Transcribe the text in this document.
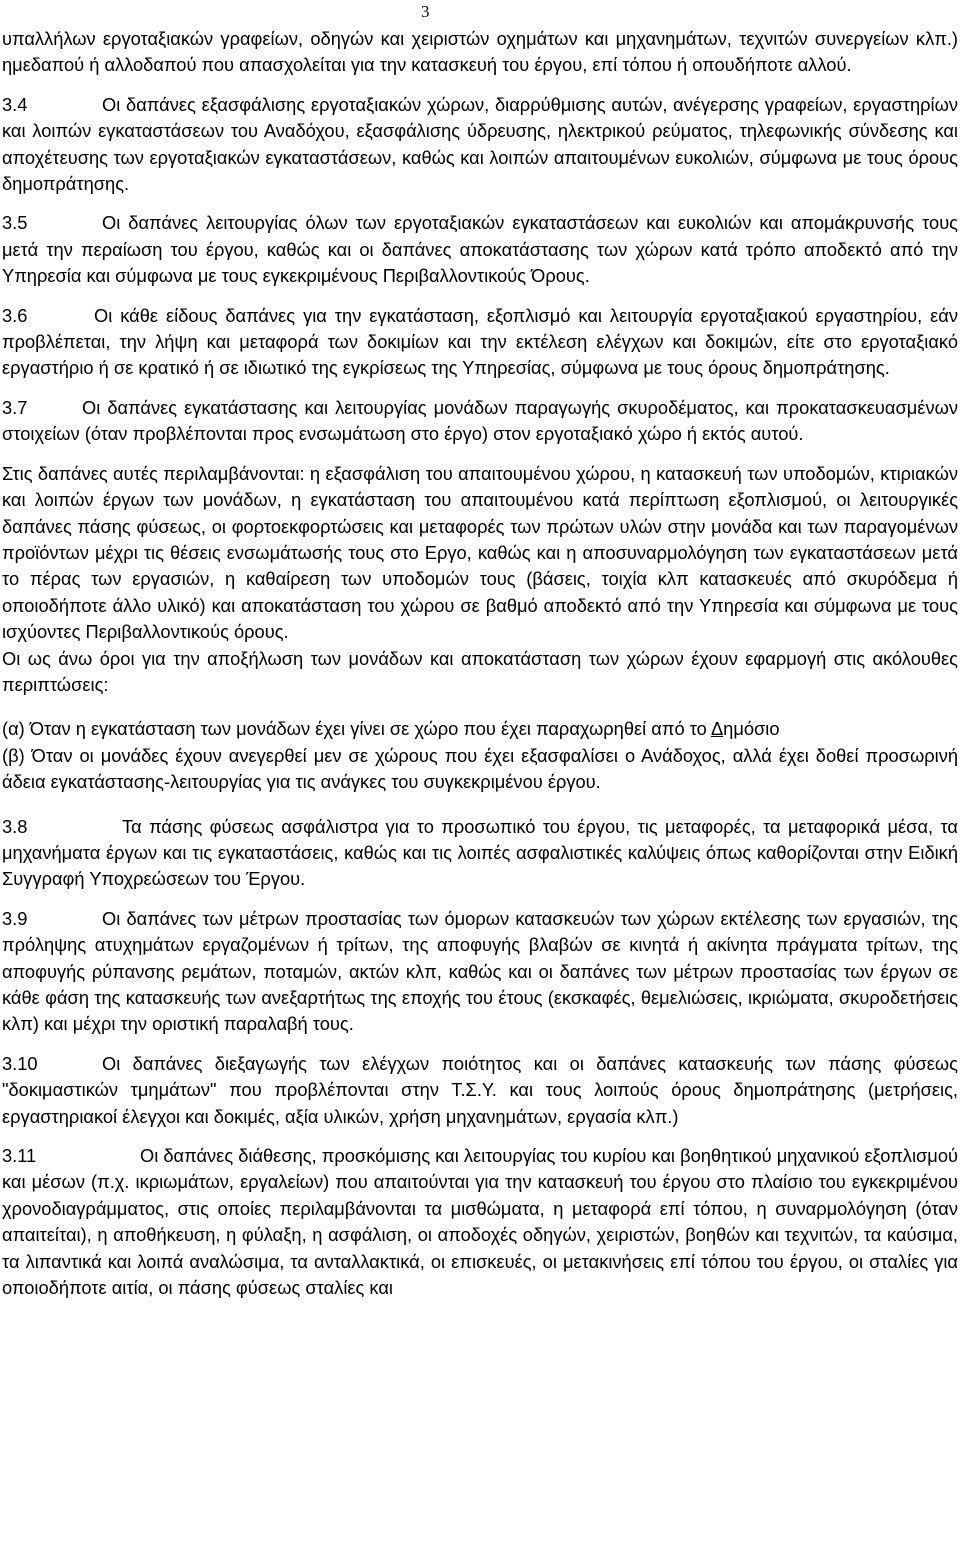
3

υπαλλήλων εργοταξιακών γραφείων, οδηγών και χειριστών οχημάτων και μηχανημάτων, τεχνιτών συνεργείων κλπ.) ημεδαπού ή αλλοδαπού που απασχολείται για την κατασκευή του έργου, επί τόπου ή οπουδήποτε αλλού.

3.4	Οι δαπάνες εξασφάλισης εργοταξιακών χώρων, διαρρύθμισης αυτών, ανέγερσης γραφείων, εργαστηρίων και λοιπών εγκαταστάσεων του Αναδόχου, εξασφάλισης ύδρευσης, ηλεκτρικού ρεύματος, τηλεφωνικής σύνδεσης και αποχέτευσης των εργοταξιακών εγκαταστάσεων, καθώς και λοιπών απαιτουμένων ευκολιών, σύμφωνα με τους όρους δημοπράτησης.

3.5	Οι δαπάνες λειτουργίας όλων των εργοταξιακών εγκαταστάσεων και ευκολιών και απομάκρυνσής τους μετά την περαίωση του έργου, καθώς και οι δαπάνες αποκατάστασης των χώρων κατά τρόπο αποδεκτό από την Υπηρεσία και σύμφωνα με τους εγκεκριμένους Περιβαλλοντικούς Όρους.

3.6	Οι κάθε είδους δαπάνες για την εγκατάσταση, εξοπλισμό και λειτουργία εργοταξιακού εργαστηρίου, εάν προβλέπεται, την λήψη και μεταφορά των δοκιμίων και την εκτέλεση ελέγχων και δοκιμών, είτε στο εργοταξιακό εργαστήριο ή σε κρατικό ή σε ιδιωτικό της εγκρίσεως της Υπηρεσίας, σύμφωνα με τους όρους δημοπράτησης.

3.7	Οι δαπάνες εγκατάστασης και λειτουργίας μονάδων παραγωγής σκυροδέματος, και προκατασκευασμένων στοιχείων (όταν προβλέπονται προς ενσωμάτωση στο έργο) στον εργοταξιακό χώρο ή εκτός αυτού.

Στις δαπάνες αυτές περιλαμβάνονται: η εξασφάλιση του απαιτουμένου χώρου, η κατασκευή των υποδομών, κτιριακών και λοιπών έργων των μονάδων, η εγκατάσταση του απαιτουμένου κατά περίπτωση εξοπλισμού, οι λειτουργικές δαπάνες πάσης φύσεως, οι φορτοεκφορτώσεις και μεταφορές των πρώτων υλών στην μονάδα και των παραγομένων προϊόντων μέχρι τις θέσεις ενσωμάτωσής τους στο Εργο, καθώς και η αποσυναρμολόγηση των εγκαταστάσεων μετά το πέρας των εργασιών, η καθαίρεση των υποδομών τους (βάσεις, τοιχία κλπ κατασκευές από σκυρόδεμα ή οποιοδήποτε άλλο υλικό) και αποκατάσταση του χώρου σε βαθμό αποδεκτό από την Υπηρεσία και σύμφωνα με τους ισχύοντες Περιβαλλοντικούς όρους.

Οι ως άνω όροι για την αποξήλωση των μονάδων και αποκατάσταση των χώρων έχουν εφαρμογή στις ακόλουθες περιπτώσεις:

(α) Όταν η εγκατάσταση των μονάδων έχει γίνει σε χώρο που έχει παραχωρηθεί από το Δημόσιο

(β) Όταν οι μονάδες έχουν ανεγερθεί μεν σε χώρους που έχει εξασφαλίσει ο Ανάδοχος, αλλά έχει δοθεί προσωρινή άδεια εγκατάστασης-λειτουργίας για τις ανάγκες του συγκεκριμένου έργου.

3.8	Τα πάσης φύσεως ασφάλιστρα για το προσωπικό του έργου, τις μεταφορές, τα μεταφορικά μέσα, τα μηχανήματα έργων και τις εγκαταστάσεις, καθώς και τις λοιπές ασφαλιστικές καλύψεις όπως καθορίζονται στην Ειδική Συγγραφή Υποχρεώσεων του Έργου.

3.9	Οι δαπάνες των μέτρων προστασίας των όμορων κατασκευών των χώρων εκτέλεσης των εργασιών, της πρόληψης ατυχημάτων εργαζομένων ή τρίτων, της αποφυγής βλαβών σε κινητά ή ακίνητα πράγματα τρίτων, της αποφυγής ρύπανσης ρεμάτων, ποταμών, ακτών κλπ, καθώς και οι δαπάνες των μέτρων προστασίας των έργων σε κάθε φάση της κατασκευής των ανεξαρτήτως της εποχής του έτους (εκσκαφές, θεμελιώσεις, ικριώματα, σκυροδετήσεις κλπ) και μέχρι την οριστική παραλαβή τους.

3.10	Οι δαπάνες διεξαγωγής των ελέγχων ποιότητος και οι δαπάνες κατασκευής των πάσης φύσεως "δοκιμαστικών τμημάτων" που προβλέπονται στην Τ.Σ.Υ. και τους λοιπούς όρους δημοπράτησης (μετρήσεις, εργαστηριακοί έλεγχοι και δοκιμές, αξία υλικών, χρήση μηχανημάτων, εργασία κλπ.)

3.11	Οι δαπάνες διάθεσης, προσκόμισης και λειτουργίας του κυρίου και βοηθητικού μηχανικού εξοπλισμού και μέσων (π.χ. ικριωμάτων, εργαλείων) που απαιτούνται για την κατασκευή του έργου στο πλαίσιο του εγκεκριμένου χρονοδιαγράμματος, στις οποίες περιλαμβάνονται τα μισθώματα, η μεταφορά επί τόπου, η συναρμολόγηση (όταν απαιτείται), η αποθήκευση, η φύλαξη, η ασφάλιση, οι αποδοχές οδηγών, χειριστών, βοηθών και τεχνιτών, τα καύσιμα, τα λιπαντικά και λοιπά αναλώσιμα, τα ανταλλακτικά, οι επισκευές, οι μετακινήσεις επί τόπου του έργου, οι σταλίες για οποιοδήποτε αιτία, οι πάσης φύσεως σταλίες και
